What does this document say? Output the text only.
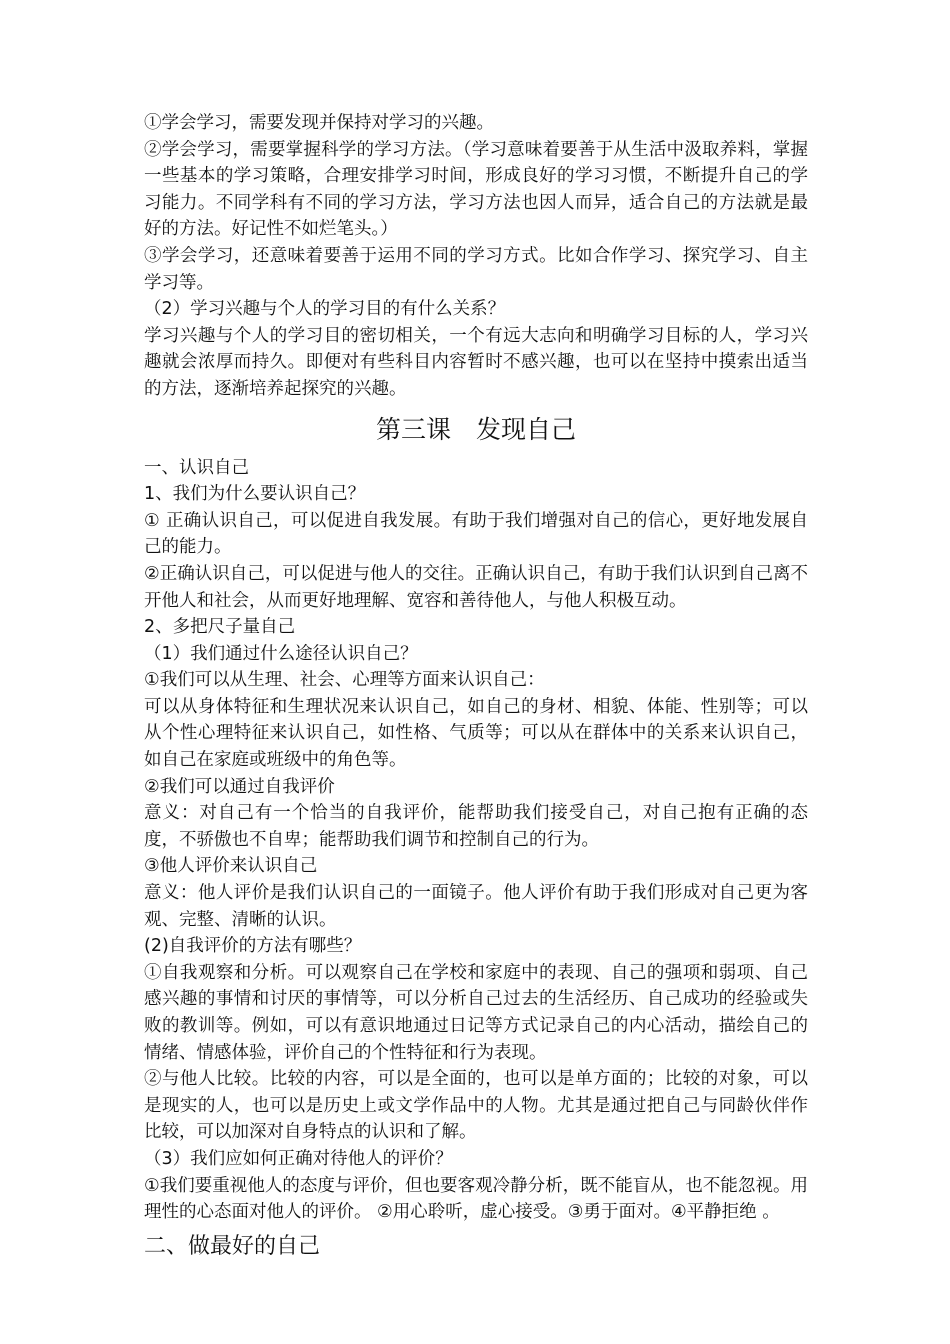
①学会学习，需要发现并保持对学习的兴趣。

②学会学习，需要掌握科学的学习方法。（学习意味着要善于从生活中汲取养料，掌握一些基本的学习策略，合理安排学习时间，形成良好的学习习惯，不断提升自己的学习能力。不同学科有不同的学习方法，学习方法也因人而异，适合自己的方法就是最好的方法。好记性不如烂笔头。）

③学会学习，还意味着要善于运用不同的学习方式。比如合作学习、探究学习、自主学习等。

（2）学习兴趣与个人的学习目的有什么关系？

学习兴趣与个人的学习目的密切相关，一个有远大志向和明确学习目标的人，学习兴趣就会浓厚而持久。即便对有些科目内容暂时不感兴趣，也可以在坚持中摸索出适当的方法，逐渐培养起探究的兴趣。

第三课　发现自己

一、认识自己

1、我们为什么要认识自己？

① 正确认识自己，可以促进自我发展。有助于我们增强对自己的信心，更好地发展自己的能力。

②正确认识自己，可以促进与他人的交往。正确认识自己，有助于我们认识到自己离不开他人和社会，从而更好地理解、宽容和善待他人，与他人积极互动。

2、多把尺子量自己

（1）我们通过什么途径认识自己？

①我们可以从生理、社会、心理等方面来认识自己：

可以从身体特征和生理状况来认识自己，如自己的身材、相貌、体能、性别等；可以从个性心理特征来认识自己，如性格、气质等；可以从在群体中的关系来认识自己，如自己在家庭或班级中的角色等。

②我们可以通过自我评价

意义：对自己有一个恰当的自我评价，能帮助我们接受自己，对自己抱有正确的态度，不骄傲也不自卑；能帮助我们调节和控制自己的行为。

③他人评价来认识自己

意义：他人评价是我们认识自己的一面镜子。他人评价有助于我们形成对自己更为客观、完整、清晰的认识。

(2)自我评价的方法有哪些？

①自我观察和分析。可以观察自己在学校和家庭中的表现、自己的强项和弱项、自己感兴趣的事情和讨厌的事情等，可以分析自己过去的生活经历、自己成功的经验或失败的教训等。例如，可以有意识地通过日记等方式记录自己的内心活动，描绘自己的情绪、情感体验，评价自己的个性特征和行为表现。

②与他人比较。比较的内容，可以是全面的，也可以是单方面的；比较的对象，可以是现实的人，也可以是历史上或文学作品中的人物。尤其是通过把自己与同龄伙伴作比较，可以加深对自身特点的认识和了解。

（3）我们应如何正确对待他人的评价？

①我们要重视他人的态度与评价，但也要客观冷静分析，既不能盲从，也不能忽视。用理性的心态面对他人的评价。 ②用心聆听，虚心接受。③勇于面对。④平静拒绝 。

二、做最好的自己
